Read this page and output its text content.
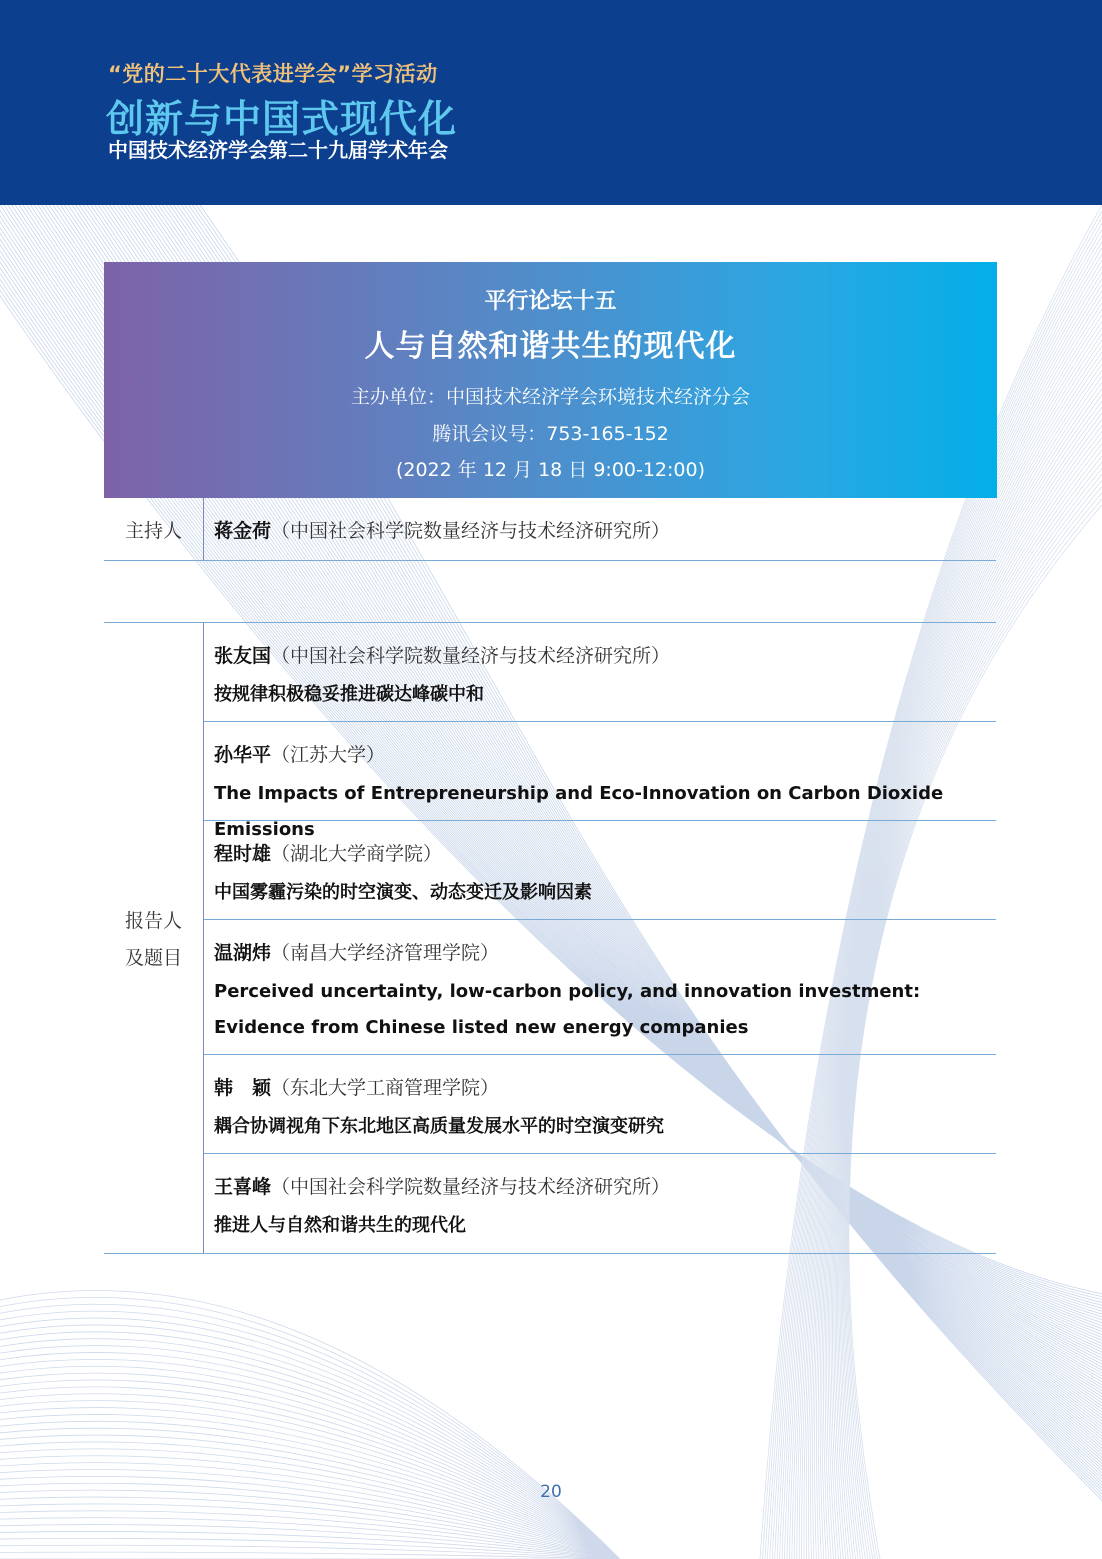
“党的二十大代表进学会”学习活动
创新与中国式现代化
中国技术经济学会第二十九届学术年会
平行论坛十五
人与自然和谐共生的现代化
主办单位：中国技术经济学会环境技术经济分会
腾讯会议号：753-165-152
(2022 年 12 月 18 日 9:00-12:00)
主持人	蒋金荷（中国社会科学院数量经济与技术经济研究所）
报告人
及题目
张友国（中国社会科学院数量经济与技术经济研究所）
按规律积极稳妥推进碳达峰碳中和
孙华平（江苏大学）
The Impacts of Entrepreneurship and Eco-Innovation on Carbon Dioxide Emissions
程时雄（湖北大学商学院）
中国雾霾污染的时空演变、动态变迁及影响因素
温湖炜（南昌大学经济管理学院）
Perceived uncertainty, low-carbon policy, and innovation investment: Evidence from Chinese listed new energy companies
韩　颖（东北大学工商管理学院）
耦合协调视角下东北地区高质量发展水平的时空演变研究
王喜峰（中国社会科学院数量经济与技术经济研究所）
推进人与自然和谐共生的现代化
20
